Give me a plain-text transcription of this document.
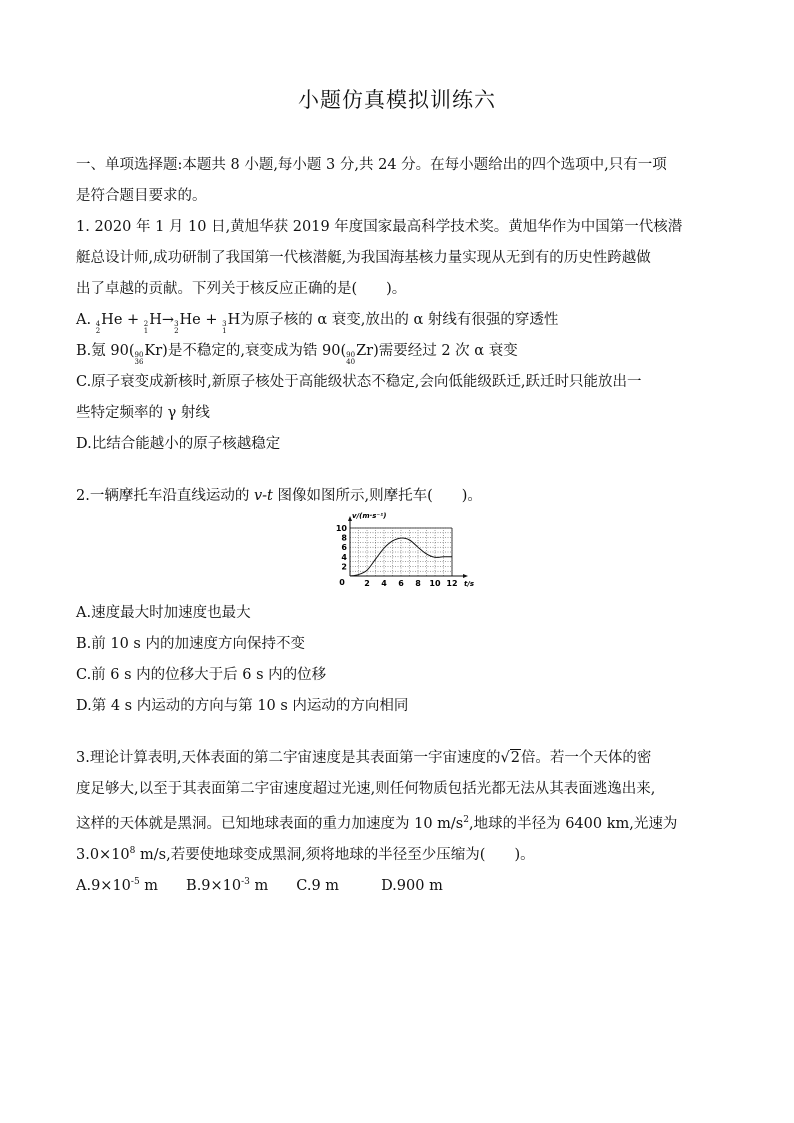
小题仿真模拟训练六
一、单项选择题:本题共 8 小题,每小题 3 分,共 24 分。在每小题给出的四个选项中,只有一项
是符合题目要求的。
1. 2020 年 1 月 10 日,黄旭华获 2019 年度国家最高科学技术奖。黄旭华作为中国第一代核潜
艇总设计师,成功研制了我国第一代核潜艇,为我国海基核力量实现从无到有的历史性跨越做
出了卓越的贡献。下列关于核反应正确的是(　　)。
A. 4
2
He + 2
1
H→ 3
2
He + 3
1
H为原子核的 α 衰变,放出的 α 射线有很强的穿透性
B.氪 90( 90
36
Kr)是不稳定的,衰变成为锆 90( 90
40
Zr)需要经过 2 次 α 衰变
C.原子衰变成新核时,新原子核处于高能级状态不稳定,会向低能级跃迁,跃迁时只能放出一
些特定频率的 γ 射线
D.比结合能越小的原子核越稳定
2.一辆摩托车沿直线运动的 v-t 图像如图所示,则摩托车(　　)。
2 4 6 8 10 12
2
4
6
8
10
0
v/(m·s⁻¹)
t/s
A.速度最大时加速度也最大
B.前 10 s 内的加速度方向保持不变
C.前 6 s 内的位移大于后 6 s 内的位移
D.第 4 s 内运动的方向与第 10 s 内运动的方向相同
3.理论计算表明,天体表面的第二宇宙速度是其表面第一宇宙速度的√2倍。若一个天体的密
度足够大,以至于其表面第二宇宙速度超过光速,则任何物质包括光都无法从其表面逃逸出来,
这样的天体就是黑洞。已知地球表面的重力加速度为 10 $m/s^2$,地球的半径为 6400 km,光速为
$3.0\times 10^8$ m/s,若要使地球变成黑洞,须将地球的半径至少压缩为(　　)。
$A.9\times 10^{-5}$ m $B.9\times 10^{-3}$ m C.9 m	D.900 m
